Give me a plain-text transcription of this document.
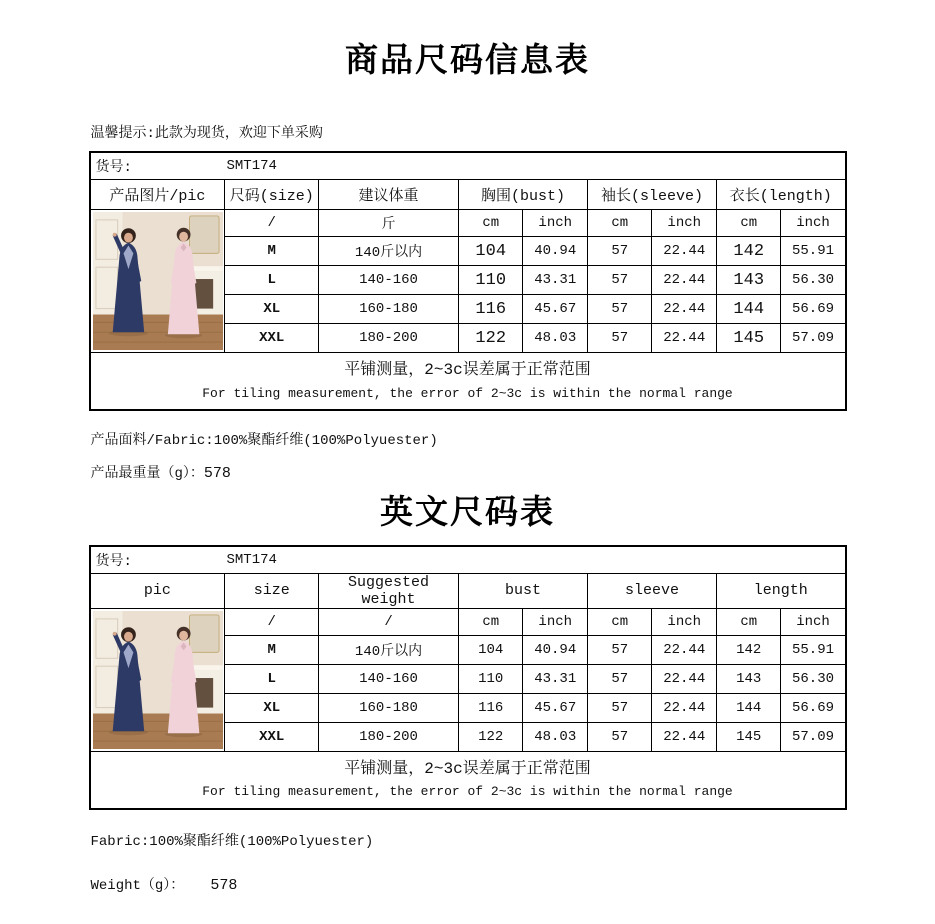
商品尺码信息表
温馨提示:此款为现货，欢迎下单采购
货号: SMT174								

产品图片/pic	尺码(size)	建议体重	胸围(bust)		袖长(sleeve)		衣长(length)	

	/	斤	cm	inch	cm	inch	cm	inch
	M	140斤以内	104	40.94	57	22.44	142	55.91
	L	140-160	110	43.31	57	22.44	143	56.30
	XL	160-180	116	45.67	57	22.44	144	56.69
	XXL	180-200	122	48.03	57	22.44	145	57.09

平铺测量，2~3c误差属于正常范围
For tiling measurement, the error of 2~3c is within the normal range								
产品面料/Fabric:100%聚酯纤维(100%Polyuester)
产品最重量（g）：578
英文尺码表
货号: SMT174								

pic	size	Suggested weight	bust		sleeve		length	

	/	/	cm	inch	cm	inch	cm	inch
	M	140斤以内	104	40.94	57	22.44	142	55.91
	L	140-160	110	43.31	57	22.44	143	56.30
	XL	160-180	116	45.67	57	22.44	144	56.69
	XXL	180-200	122	48.03	57	22.44	145	57.09

平铺测量，2~3c误差属于正常范围
For tiling measurement, the error of 2~3c is within the normal range								
Fabric:100%聚酯纤维(100%Polyuester)
Weight（g）： 578
